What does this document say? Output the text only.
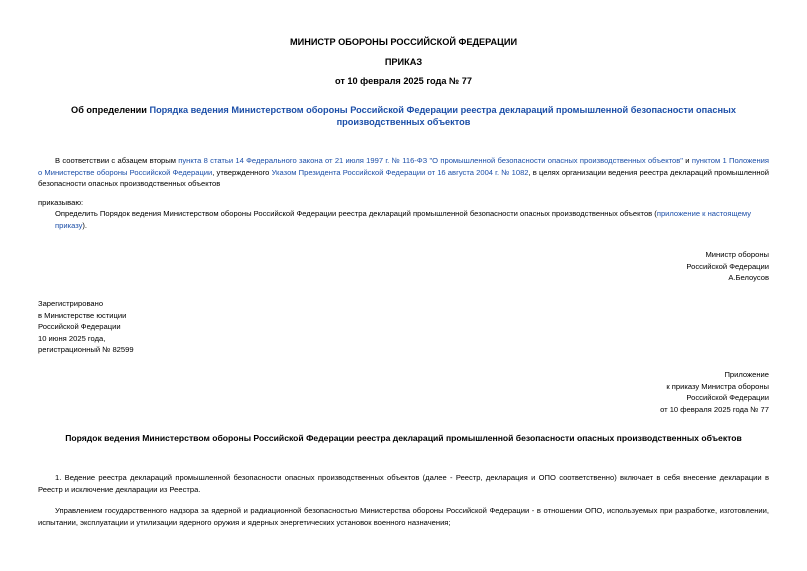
МИНИСТР ОБОРОНЫ РОССИЙСКОЙ ФЕДЕРАЦИИ
ПРИКАЗ
от 10 февраля 2025 года № 77
Об определении Порядка ведения Министерством обороны Российской Федерации реестра деклараций промышленной безопасности опасных производственных объектов
В соответствии с абзацем вторым пункта 8 статьи 14 Федерального закона от 21 июля 1997 г. № 116-ФЗ "О промышленной безопасности опасных производственных объектов" и пунктом 1 Положения о Министерстве обороны Российской Федерации, утвержденного Указом Президента Российской Федерации от 16 августа 2004 г. № 1082, в целях организации ведения реестра деклараций промышленной безопасности опасных производственных объектов
приказываю:
Определить Порядок ведения Министерством обороны Российской Федерации реестра деклараций промышленной безопасности опасных производственных объектов (приложение к настоящему приказу).
Министр обороны
Российской Федерации
А.Белоусов
Зарегистрировано
в Министерстве юстиции
Российской Федерации
10 июня 2025 года,
регистрационный № 82599
Приложение
к приказу Министра обороны
Российской Федерации
от 10 февраля 2025 года № 77
Порядок ведения Министерством обороны Российской Федерации реестра деклараций промышленной безопасности опасных производственных объектов
1. Ведение реестра деклараций промышленной безопасности опасных производственных объектов (далее - Реестр, декларация и ОПО соответственно) включает в себя внесение декларации в Реестр и исключение декларации из Реестра.
Управлением государственного надзора за ядерной и радиационной безопасностью Министерства обороны Российской Федерации - в отношении ОПО, используемых при разработке, изготовлении, испытании, эксплуатации и утилизации ядерного оружия и ядерных энергетических установок военного назначения;
